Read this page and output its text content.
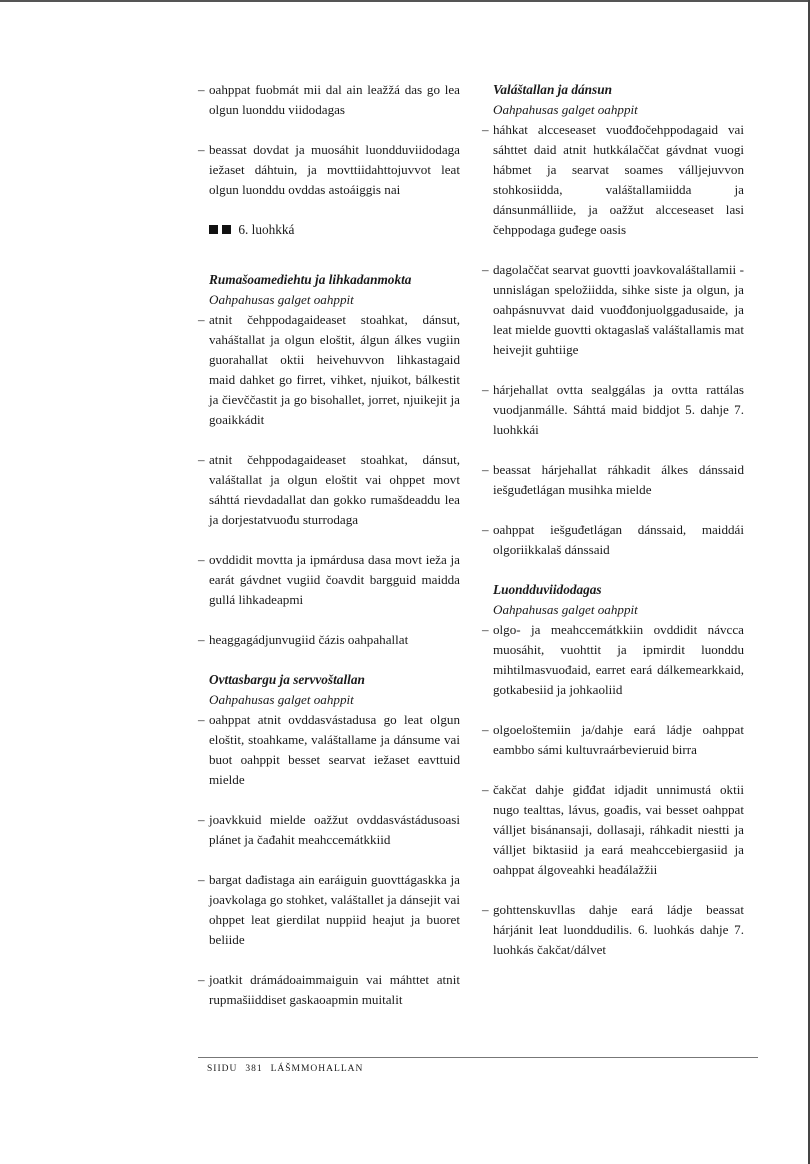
– oahppat fuobmát mii dal ain leažžá das go lea olgun luonddu viidodagas
– beassat dovdat ja muosáhit luondduviidodaga iežaset dáhtuin, ja movttiidahttojuvvot leat olgun luonddu ovddas astoáiggis nai
6. luohkká
Rumašoamediehtu ja lihkadanmokta
Oahpahusas galget oahppit
– atnit čehppodagaideaset stoahkat, dánsut, vaháštallat ja olgun eloštit, álgun álkes vugiin guorahallat oktii heivehuvvon lihkastagaid maid dahket go firret, vihket, njuikot, bálkestit ja čievččastit ja go bisohallet, jorret, njuikejit ja goaikkádit
– atnit čehppodagaideaset stoahkat, dánsut, valáštallat ja olgun eloštit vai ohppet movt sáhttá rievdadallat dan gokko rumašdeaddu lea ja dorjestatvuođu sturrodaga
– ovddidit movtta ja ipmárdusa dasa movt ieža ja earát gávdnet vugiid čoavdit bargguid maidda gullá lihkadeapmi
– heaggagádjunvugiid čázis oahpahallat
Ovttasbargu ja servvoštallan
Oahpahusas galget oahppit
– oahppat atnit ovddasvástadusa go leat olgun eloštit, stoahkame, valáštallame ja dánsume vai buot oahppit besset searvat iežaset eavttuid mielde
– joavkkuid mielde oažžut ovddasvástádusoasi plánet ja čađahit meahccemátkkiid
– bargat dađistaga ain earáiguin guovttágaskka ja joavkolaga go stohket, valáštallet ja dánsejit vai ohppet leat gierdilat nuppiid heajut ja buoret beliide
– joatkit drámádoaimmaiguin vai máhttet atnit rupmašiiddiset gaskaoapmin muitalit
Valáštallan ja dánsun
Oahpahusas galget oahppit
– háhkat alcceseaset vuođđočehppodagaid vai sáhttet daid atnit hutkkálaččat gávdnat vuogi hábmet ja searvat soames válljejuvvon stohkosiidda, valáštallamiidda ja dánsunmálliide, ja oažžut alcceseaset lasi čehppodaga guđege oasis
– dagolaččat searvat guovtti joavkovaláštallamii - unnislágan speložiidda, sihke siste ja olgun, ja oahpásnuvvat daid vuođđonjuolggadusaide, ja leat mielde guovtti oktagaslaš valáštallamis mat heivejit guhtiige
– hárjehallat ovtta sealggálas ja ovtta rattálas vuodjanmálle. Sáhttá maid biddjot 5. dahje 7. luohkkái
– beassat hárjehallat ráhkadit álkes dánssaid iešguđetlágan musihka mielde
– oahppat iešguđetlágan dánssaid, maiddái olgoriikkalaš dánssaid
Luondduviidodagas
Oahpahusas galget oahppit
– olgo- ja meahccemátkkiin ovddidit návcca muosáhit, vuohttit ja ipmirdit luonddu mihtilmasvuođaid, earret eará dálkemearkkaid, gotkabesiid ja johkaoliid
– olgoeloštemiin ja/dahje eará ládje oahppat eambbo sámi kultuvraárbevieruid birra
– čakčat dahje giđđat idjadit unnimustá oktii nugo tealttas, lávus, goađis, vai besset oahppat válljet bisánansaji, dollasaji, ráhkadit niestti ja válljet biktasiid ja eará meahccebiergasiid ja oahppat álgoveahki heađálažžii
– gohttenskuvllas dahje eará ládje beassat hárjánit leat luonddudilis. 6. luohkás dahje 7. luohkás čakčat/dálvet
SIIDU 381 LÁŠMMOHALLAN
